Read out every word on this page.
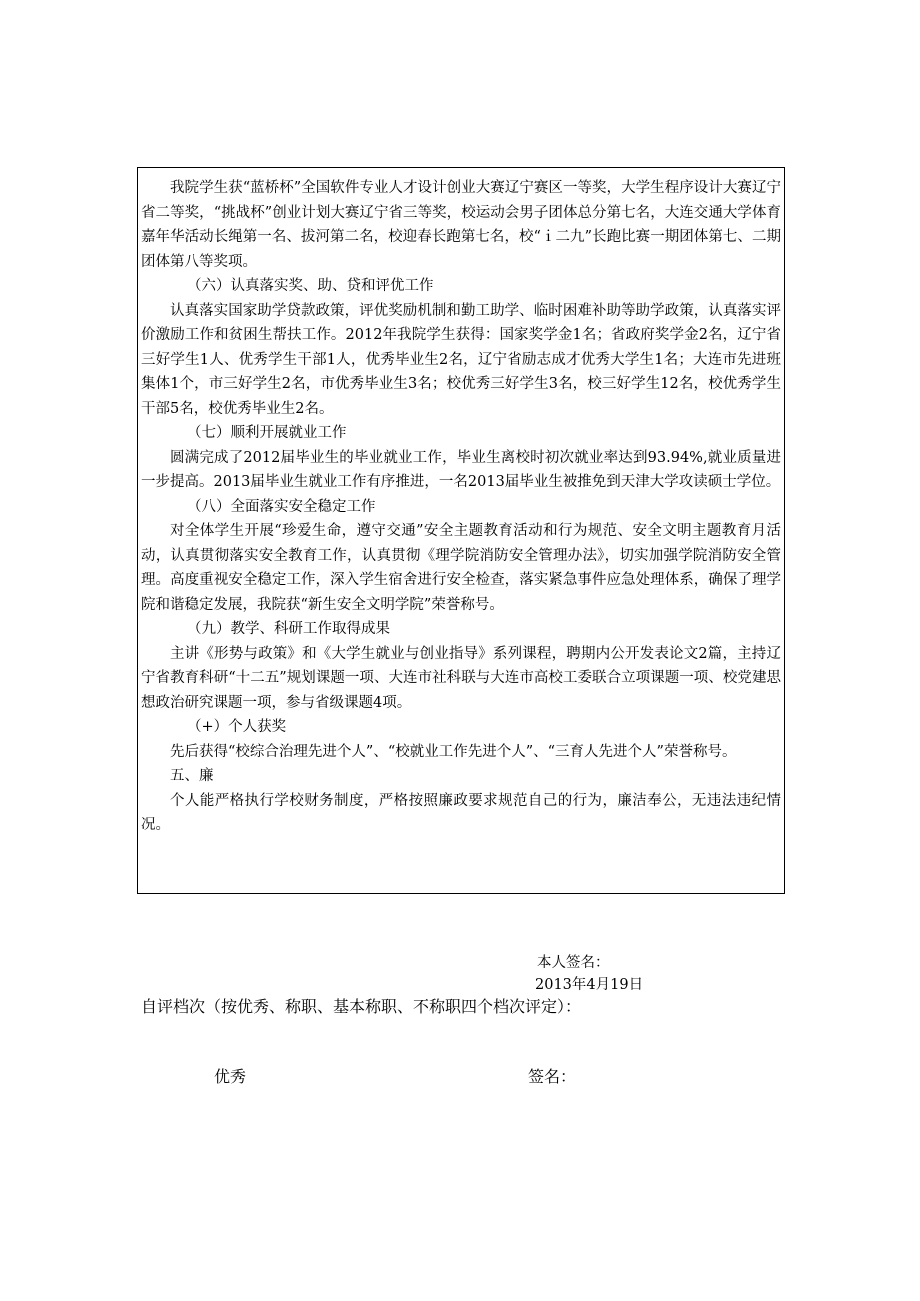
我院学生获“蓝桥杯”全国软件专业人才设计创业大赛辽宁赛区一等奖，大学生程序设计大赛辽宁省二等奖，“挑战杯”创业计划大赛辽宁省三等奖，校运动会男子团体总分第七名，大连交通大学体育嘉年华活动长绳第一名、拔河第二名，校迎春长跑第七名，校“ｉ二九”长跑比赛一期团体第七、二期团体第八等奖项。

（六）认真落实奖、助、贷和评优工作

认真落实国家助学贷款政策，评优奖励机制和勤工助学、临时困难补助等助学政策，认真落实评价激励工作和贫困生帮扶工作。2012年我院学生获得：国家奖学金1名；省政府奖学金2名，辽宁省三好学生1人、优秀学生干部1人，优秀毕业生2名，辽宁省励志成才优秀大学生1名；大连市先进班集体1个，市三好学生2名，市优秀毕业生3名；校优秀三好学生3名，校三好学生12名，校优秀学生干部5名，校优秀毕业生2名。

（七）顺利开展就业工作

圆满完成了2012届毕业生的毕业就业工作，毕业生离校时初次就业率达到93.94%,就业质量进一步提高。2013届毕业生就业工作有序推进，一名2013届毕业生被推免到天津大学攻读硕士学位。

（八）全面落实安全稳定工作

对全体学生开展“珍爱生命，遵守交通”安全主题教育活动和行为规范、安全文明主题教育月活动，认真贯彻落实安全教育工作，认真贯彻《理学院消防安全管理办法》，切实加强学院消防安全管理。高度重视安全稳定工作，深入学生宿舍进行安全检查，落实紧急事件应急处理体系，确保了理学院和谐稳定发展，我院获“新生安全文明学院”荣誉称号。

（九）教学、科研工作取得成果

主讲《形势与政策》和《大学生就业与创业指导》系列课程，聘期内公开发表论文2篇，主持辽宁省教育科研“十二五”规划课题一项、大连市社科联与大连市高校工委联合立项课题一项、校党建思想政治研究课题一项，参与省级课题4项。

（+）个人获奖

先后获得“校综合治理先进个人”、“校就业工作先进个人”、“三育人先进个人”荣誉称号。

五、廉

个人能严格执行学校财务制度，严格按照廉政要求规范自己的行为，廉洁奉公，无违法违纪情况。

本人签名：
2013年4月19日
自评档次（按优秀、称职、基本称职、不称职四个档次评定）：
优秀	签名：
